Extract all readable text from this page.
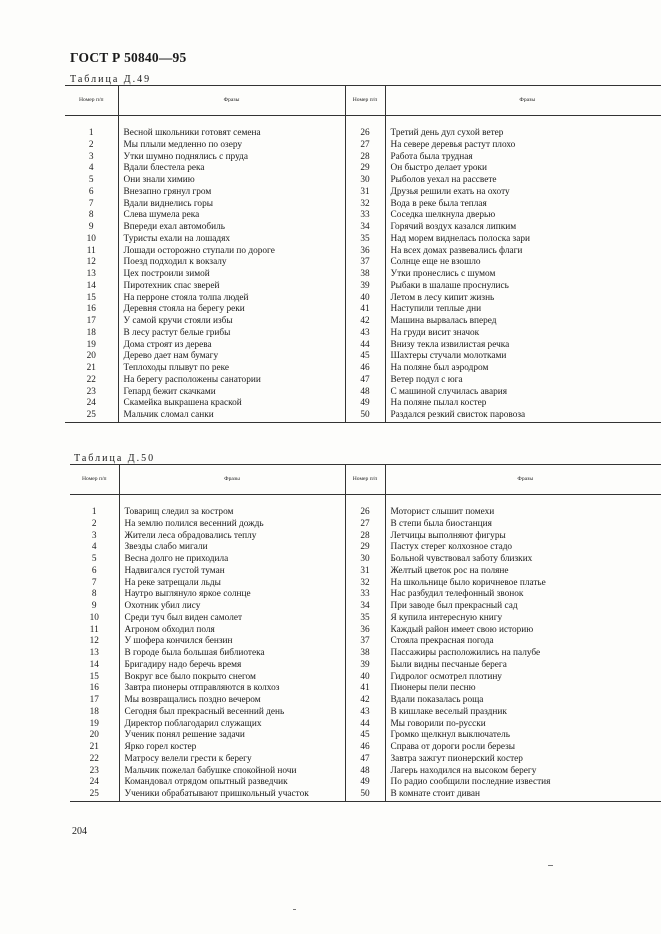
ГОСТ Р 50840—95
Таблица Д.49
Номер п/п	Фразы	Номер п/п	Фразы

1	Весной школьники готовят семена	26	Третий день дул сухой ветер
2	Мы плыли медленно по озеру	27	На севере деревья растут плохо
3	Утки шумно поднялись с пруда	28	Работа была трудная
4	Вдали блестела река	29	Он быстро делает уроки
5	Они знали химию	30	Рыболов уехал на рассвете
6	Внезапно грянул гром	31	Друзья решили ехать на охоту
7	Вдали виднелись горы	32	Вода в реке была теплая
8	Слева шумела река	33	Соседка шелкнула дверью
9	Впереди ехал автомобиль	34	Горячий воздух казался липким
10	Туристы ехали на лошадях	35	Над морем виднелась полоска зари
11	Лошади осторожно ступали по дороге	36	На всех домах развевались флаги
12	Поезд подходил к вокзалу	37	Солнце еще не взошло
13	Цех построили зимой	38	Утки пронеслись с шумом
14	Пиротехник спас зверей	39	Рыбаки в шалаше проснулись
15	На перроне стояла толпа людей	40	Летом в лесу кипит жизнь
16	Деревня стояла на берегу реки	41	Наступили теплые дни
17	У самой кручи стояли избы	42	Машина вырвалась вперед
18	В лесу растут белые грибы	43	На груди висит значок
19	Дома строят из дерева	44	Внизу текла извилистая речка
20	Дерево дает нам бумагу	45	Шахтеры стучали молотками
21	Теплоходы плывут по реке	46	На поляне был аэродром
22	На берегу расположены санатории	47	Ветер подул с юга
23	Гепард бежит скачками	48	С машиной случилась авария
24	Скамейка выкрашена краской	49	На поляне пылал костер
25	Мальчик сломал санки	50	Раздался резкий свисток паровоза
Таблица Д.50
Номер п/п	Фразы	Номер п/п	Фразы

1	Товарищ следил за костром	26	Моторист слышит помехи
2	На землю полился весенний дождь	27	В степи была биостанция
3	Жители леса обрадовались теплу	28	Летчицы выполняют фигуры
4	Звезды слабо мигали	29	Пастух стерег колхозное стадо
5	Весна долго не приходила	30	Больной чувствовал заботу близких
6	Надвигался густой туман	31	Желтый цветок рос на поляне
7	На реке затрещали льды	32	На школьнице было коричневое платье
8	Наутро выглянуло яркое солнце	33	Нас разбудил телефонный звонок
9	Охотник убил лису	34	При заводе был прекрасный сад
10	Среди туч был виден самолет	35	Я купила интересную книгу
11	Агроном обходил поля	36	Каждый район имеет свою историю
12	У шофера кончился бензин	37	Стояла прекрасная погода
13	В городе была большая библиотека	38	Пассажиры расположились на палубе
14	Бригадиру надо беречь время	39	Были видны песчаные берега
15	Вокруг все было покрыто снегом	40	Гидролог осмотрел плотину
16	Завтра пионеры отправляются в колхоз	41	Пионеры пели песню
17	Мы возвращались поздно вечером	42	Вдали показалась роща
18	Сегодня был прекрасный весенний день	43	В кишлаке веселый праздник
19	Директор поблагодарил служащих	44	Мы говорили по-русски
20	Ученик понял решение задачи	45	Громко щелкнул выключатель
21	Ярко горел костер	46	Справа от дороги росли березы
22	Матросу велели грести к берегу	47	Завтра зажгут пионерский костер
23	Мальчик пожелал бабушке спокойной ночи	48	Лагерь находился на высоком берегу
24	Командовал отрядом опытный разведчик	49	По радио сообщили последние известия
25	Ученики обрабатывают пришкольный участок	50	В комнате стоит диван
204
